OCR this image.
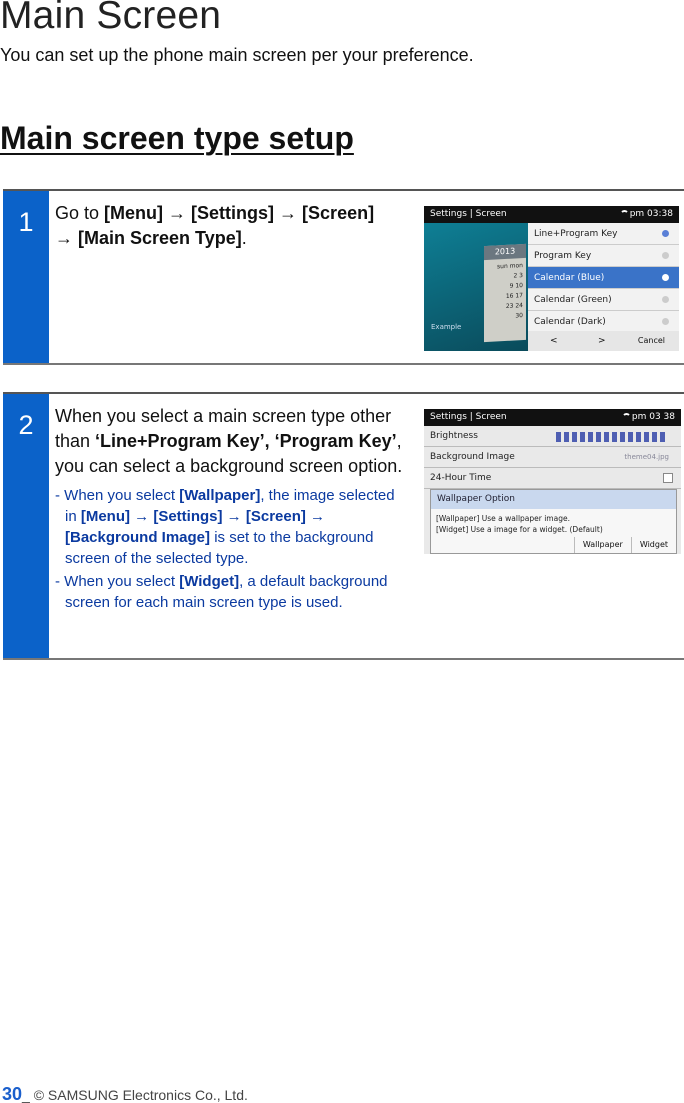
Main Screen

You can set up the phone main screen per your preference.

Main screen type setup
1	Go to [Menu] → [Settings] → [Screen]
→ [Main Screen Type].
Settings | Screen	pm 03:38
2013
sun mon
2 3
9 10
16 17
23 24
30
Example
Line+Program Key
Program Key
Calendar (Blue)
Calendar (Green)
Calendar (Dark)
<	>	Cancel
2	When you select a main screen type other than ‘Line+Program Key’, ‘Program Key’, you can select a background screen option.
- When you select [Wallpaper], the image selected in [Menu] → [Settings] → [Screen] → [Background Image] is set to the background screen of the selected type.
- When you select [Widget], a default background screen for each main screen type is used.
Settings | Screen	pm 03 38
Brightness
Background Image	theme04.jpg
24-Hour Time
Wallpaper Option
[Wallpaper] Use a wallpaper image.
[Widget] Use a image for a widget. (Default)
Wallpaper Widget
30_ © SAMSUNG Electronics Co., Ltd.
